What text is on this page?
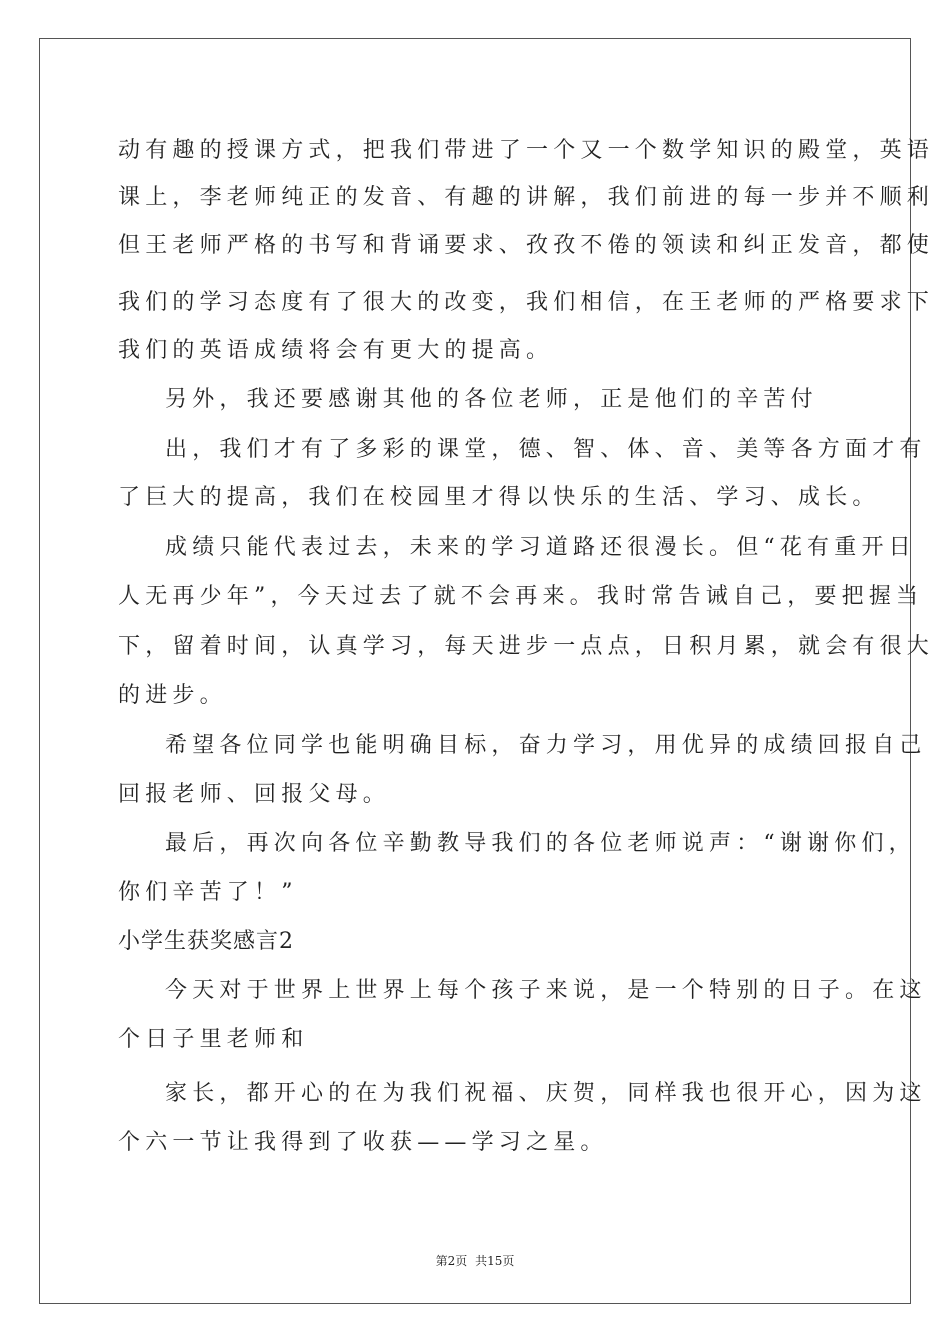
动有趣的授课方式，把我们带进了一个又一个数学知识的殿堂，英语
课上，李老师纯正的发音、有趣的讲解，我们前进的每一步并不顺利
但王老师严格的书写和背诵要求、孜孜不倦的领读和纠正发音，都使
我们的学习态度有了很大的改变，我们相信，在王老师的严格要求下
我们的英语成绩将会有更大的提高。
另外，我还要感谢其他的各位老师，正是他们的辛苦付
出，我们才有了多彩的课堂，德、智、体、音、美等各方面才有
了巨大的提高，我们在校园里才得以快乐的生活、学习、成长。
成绩只能代表过去，未来的学习道路还很漫长。但“花有重开日
人无再少年”，今天过去了就不会再来。我时常告诫自己，要把握当
下，留着时间，认真学习，每天进步一点点，日积月累，就会有很大
的进步。
希望各位同学也能明确目标，奋力学习，用优异的成绩回报自己
回报老师、回报父母。
最后，再次向各位辛勤教导我们的各位老师说声：“谢谢你们，
你们辛苦了！”
小学生获奖感言2
今天对于世界上世界上每个孩子来说，是一个特别的日子。在这
个日子里老师和
家长，都开心的在为我们祝福、庆贺，同样我也很开心，因为这
个六一节让我得到了收获——学习之星。
第2页 共15页
